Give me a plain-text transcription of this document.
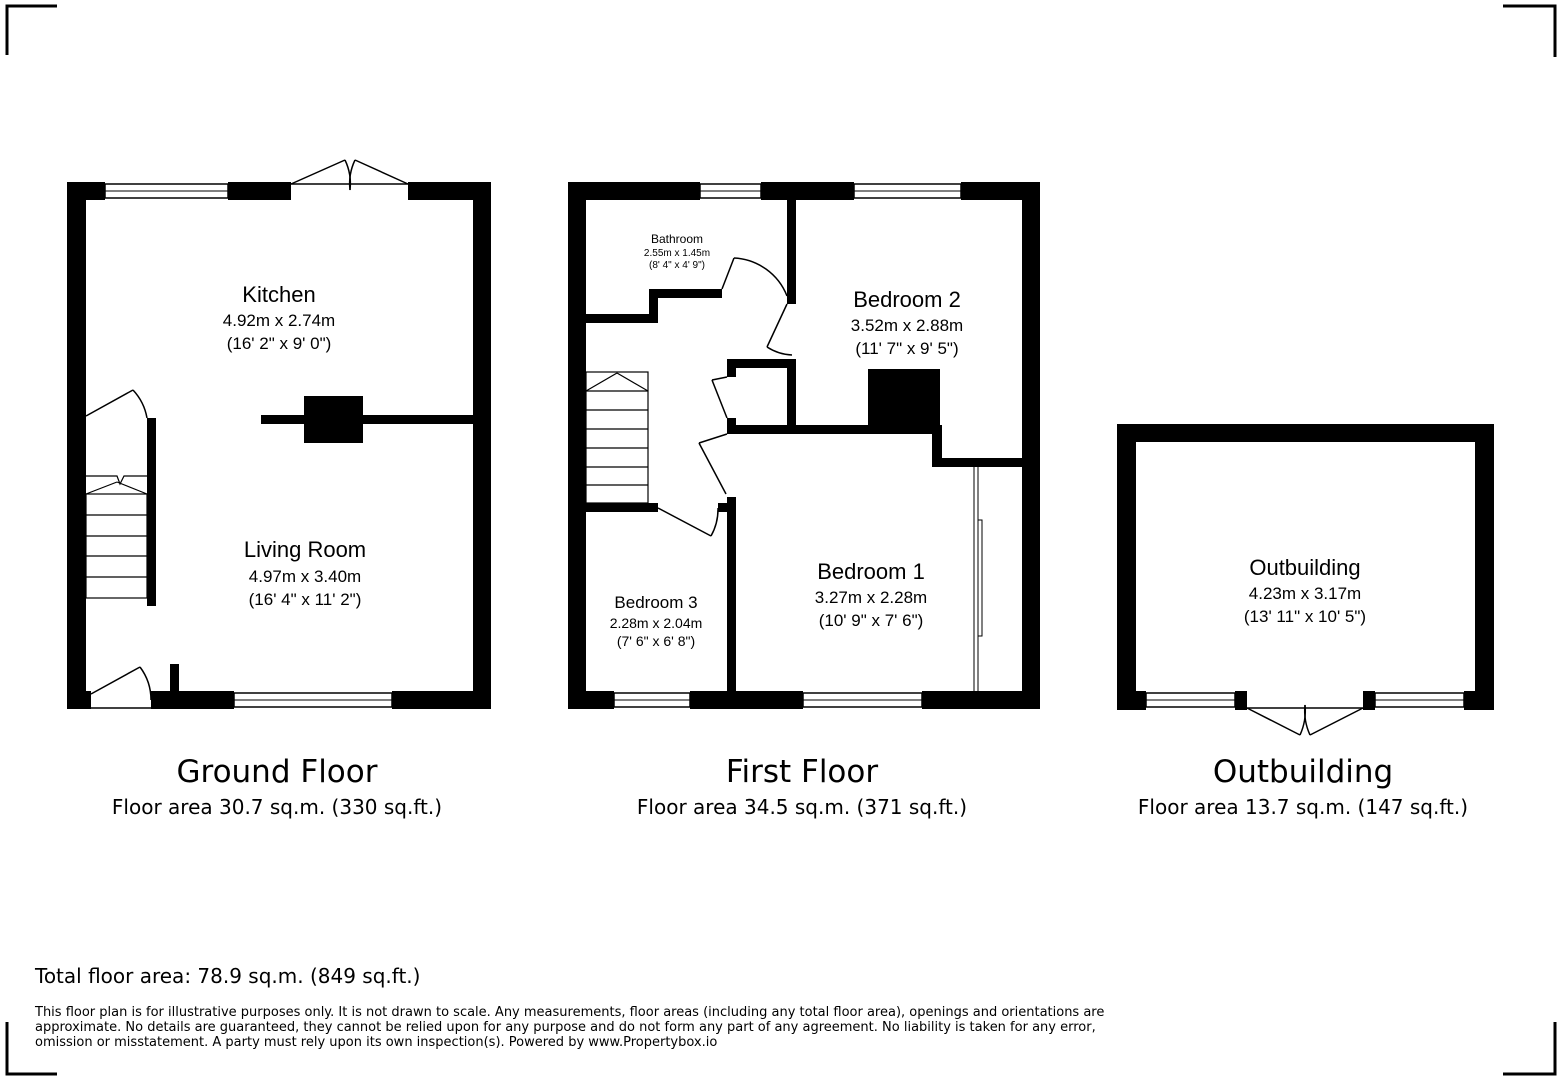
Kitchen
4.92m x 2.74m
(16' 2" x 9' 0")
Living Room
4.97m x 3.40m
(16' 4" x 11' 2")
Bathroom
2.55m x 1.45m
(8' 4" x 4' 9")
Bedroom 2
3.52m x 2.88m
(11' 7" x 9' 5")
Bedroom 1
3.27m x 2.28m
(10' 9" x 7' 6")
Bedroom 3
2.28m x 2.04m
(7' 6" x 6' 8")
Outbuilding
4.23m x 3.17m
(13' 11" x 10' 5")
Ground Floor
Floor area 30.7 sq.m. (330 sq.ft.)
First Floor
Floor area 34.5 sq.m. (371 sq.ft.)
Outbuilding
Floor area 13.7 sq.m. (147 sq.ft.)
Total floor area: 78.9 sq.m. (849 sq.ft.)
This floor plan is for illustrative purposes only. It is not drawn to scale. Any measurements, floor areas (including any total floor area), openings and orientations are
approximate. No details are guaranteed, they cannot be relied upon for any purpose and do not form any part of any agreement. No liability is taken for any error,
omission or misstatement. A party must rely upon its own inspection(s). Powered by www.Propertybox.io
